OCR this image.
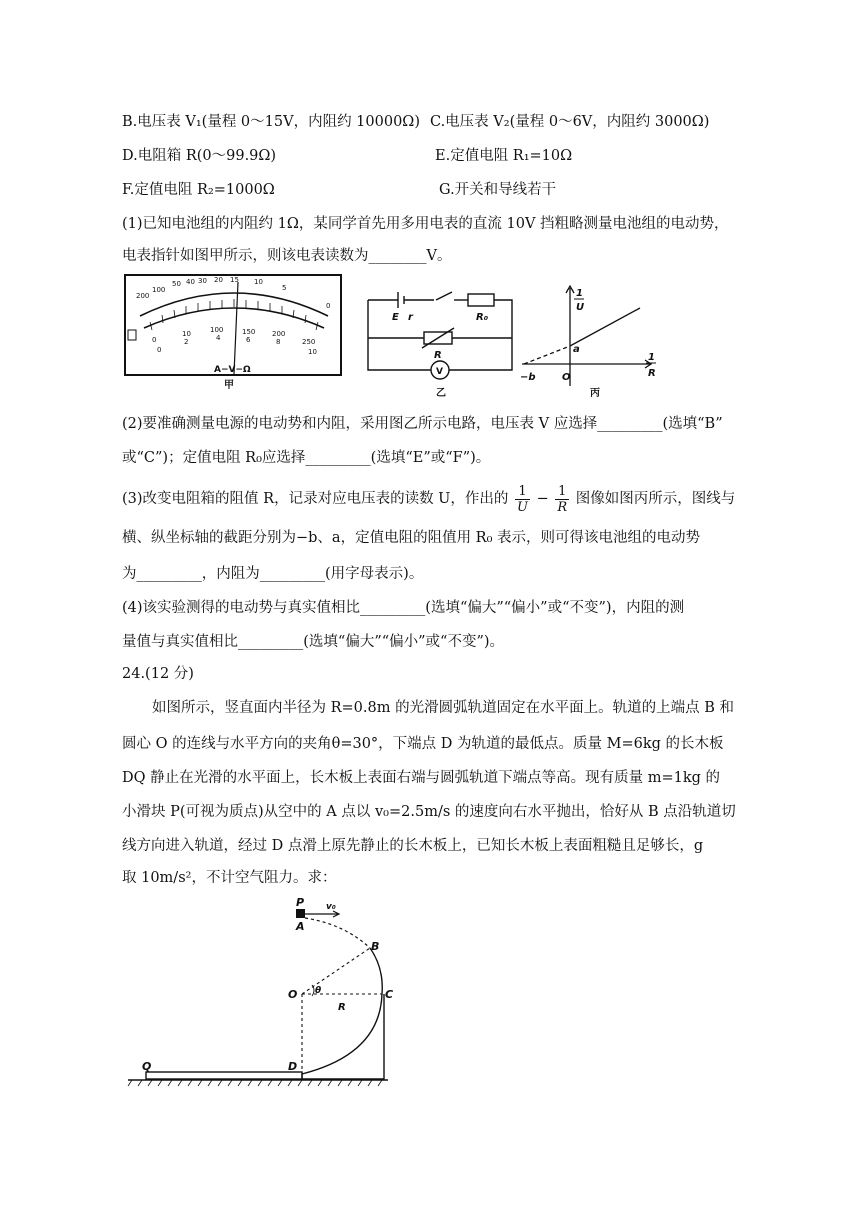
B.电压表 V₁(量程 0～15V，内阻约 10000Ω) C.电压表 V₂(量程 0～6V，内阻约 3000Ω)
D.电阻箱 R(0～99.9Ω)	E.定值电阻 R₁=10Ω
F.定值电阻 R₂=1000Ω	G.开关和导线若干
(1)已知电池组的内阻约 1Ω，某同学首先用多用电表的直流 10V 挡粗略测量电池组的电动势，
电表指针如图甲所示，则该电表读数为________V。
200
100
50 40 30 20 15 10
5
0
0
10	100	150 200
250
0
2	4	6	8
10
A−V−Ω
甲
E r	R₀
R
V
乙
1
U
1
R
a
−b	O
丙
(2)要准确测量电源的电动势和内阻，采用图乙所示电路，电压表 V 应选择_________(选填“B”
或“C”)；定值电阻 R₀应选择_________(选填“E”或“F”)。
(3)改变电阻箱的阻值 R，记录对应电压表的读数 U，作出的 $\frac{1}{U} - \frac{1}{R}$ 图像如图丙所示，图线与
横、纵坐标轴的截距分别为−b、a，定值电阻的阻值用 R₀ 表示，则可得该电池组的电动势
为_________，内阻为_________(用字母表示)。
(4)该实验测得的电动势与真实值相比_________(选填“偏大”“偏小”或“不变”)，内阻的测
量值与真实值相比_________(选填“偏大”“偏小”或“不变”)。
24.(12 分)
如图所示，竖直面内半径为 R=0.8m 的光滑圆弧轨道固定在水平面上。轨道的上端点 B 和
圆心 O 的连线与水平方向的夹角θ=30°，下端点 D 为轨道的最低点。质量 M=6kg 的长木板
DQ 静止在光滑的水平面上，长木板上表面右端与圆弧轨道下端点等高。现有质量 m=1kg 的
小滑块 P(可视为质点)从空中的 A 点以 v₀=2.5m/s 的速度向右水平抛出，恰好从 B 点沿轨道切
线方向进入轨道，经过 D 点滑上原先静止的长木板上，已知长木板上表面粗糙且足够长，g
取 10m/s²，不计空气阻力。求：
P
A
v₀
B
O θ
R
C
D
Q
